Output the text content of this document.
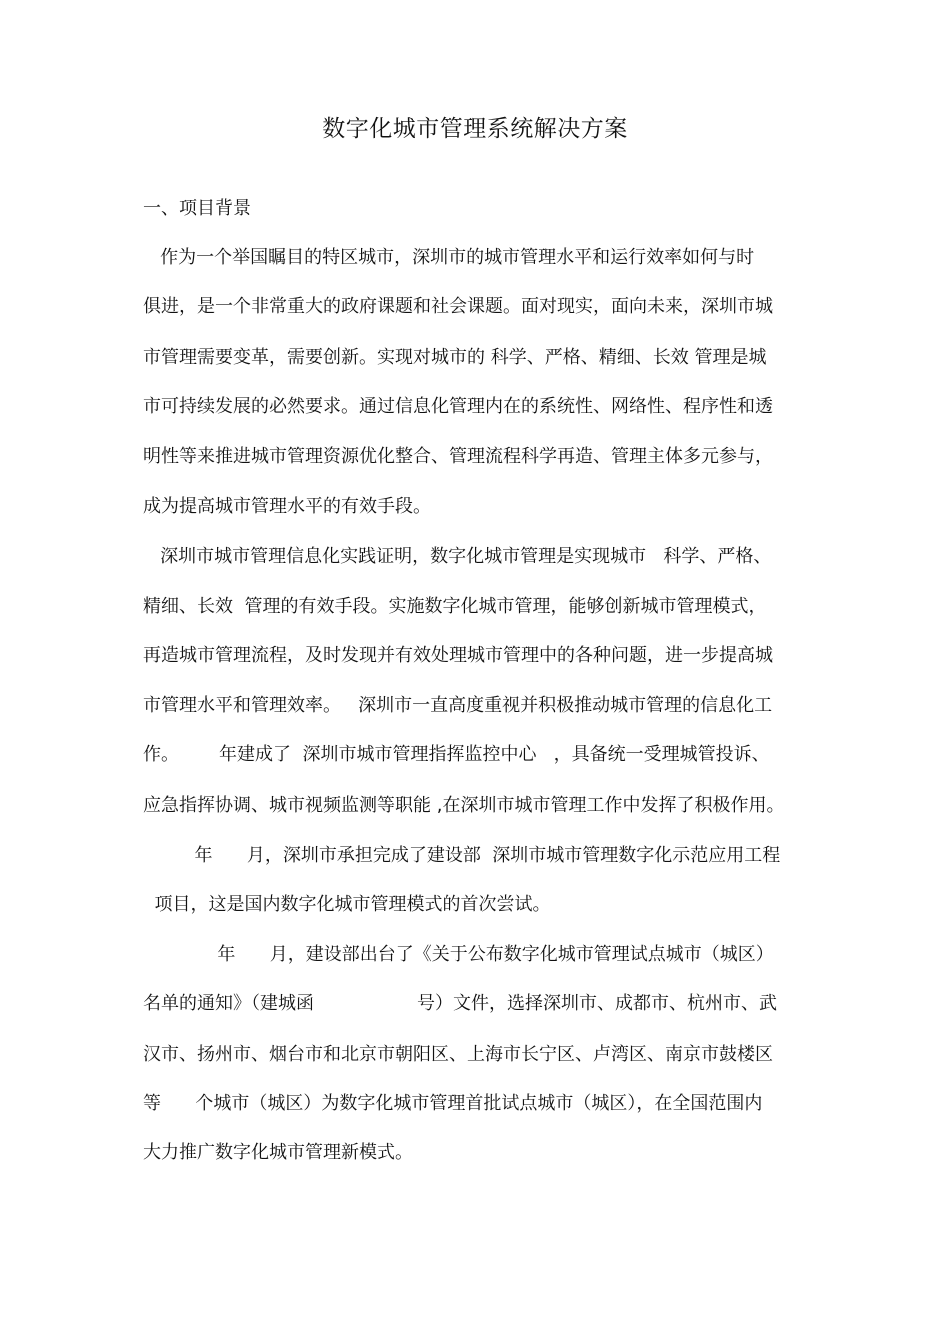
数字化城市管理系统解决方案
一、项目背景
作为一个举国瞩目的特区城市，深圳市的城市管理水平和运行效率如何与时
俱进，是一个非常重大的政府课题和社会课题。面对现实，面向未来，深圳市城
市管理需要变革，需要创新。实现对城市的 科学、严格、精细、长效 管理是城
市可持续发展的必然要求。通过信息化管理内在的系统性、网络性、程序性和透
明性等来推进城市管理资源优化整合、管理流程科学再造、管理主体多元参与，
成为提高城市管理水平的有效手段。
深圳市城市管理信息化实践证明，数字化城市管理是实现城市   科学、严格、
精细、长效  管理的有效手段。实施数字化城市管理，能够创新城市管理模式，
再造城市管理流程，及时发现并有效处理城市管理中的各种问题，进一步提高城
市管理水平和管理效率。   深圳市一直高度重视并积极推动城市管理的信息化工
作。       年建成了  深圳市城市管理指挥监控中心   ，具备统一受理城管投诉、
应急指挥协调、城市视频监测等职能 ,在深圳市城市管理工作中发挥了积极作用。
年      月，深圳市承担完成了建设部  深圳市城市管理数字化示范应用工程
项目，这是国内数字化城市管理模式的首次尝试。
年      月，建设部出台了《关于公布数字化城市管理试点城市（城区）
名单的通知》（建城函                  号）文件，选择深圳市、成都市、杭州市、武
汉市、扬州市、烟台市和北京市朝阳区、上海市长宁区、卢湾区、南京市鼓楼区
等      个城市（城区）为数字化城市管理首批试点城市（城区），在全国范围内
大力推广数字化城市管理新模式。
